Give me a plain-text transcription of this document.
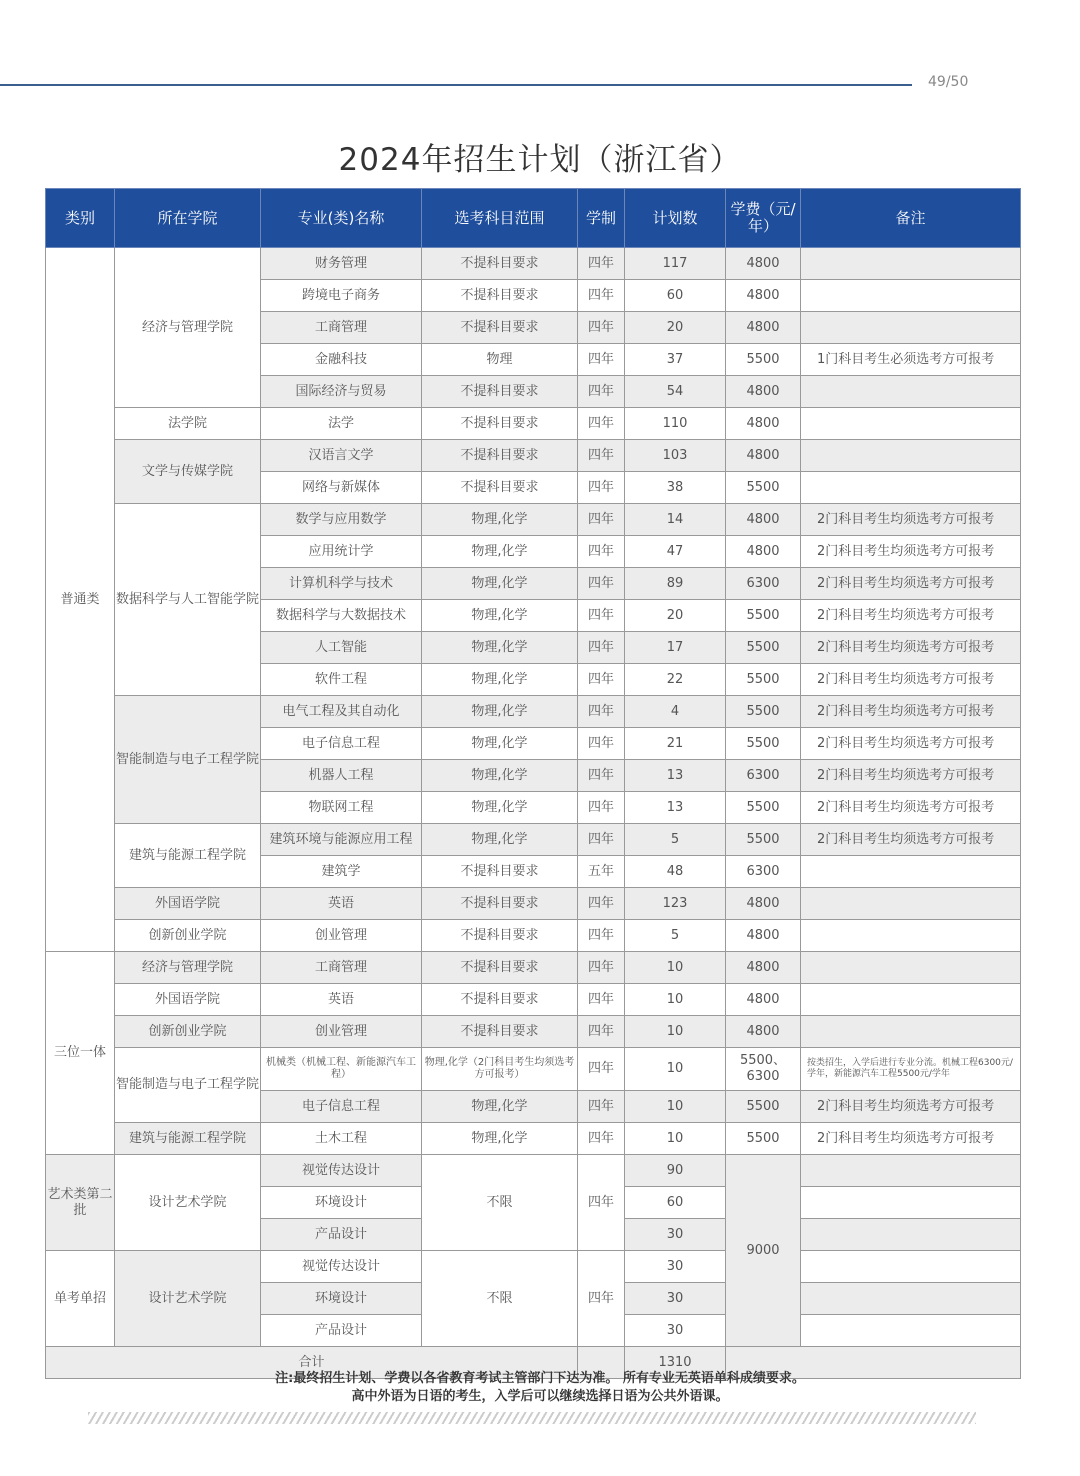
49/50
2024年招生计划（浙江省）
类别	所在学院	专业(类)名称	选考科目范围	学制	计划数	学费（元/年）	备注
普通类	经济与管理学院	财务管理	不提科目要求	四年	117	4800	
		跨境电子商务	不提科目要求	四年	60	4800	
		工商管理	不提科目要求	四年	20	4800	
		金融科技	物理	四年	37	5500	1门科目考生必须选考方可报考
		国际经济与贸易	不提科目要求	四年	54	4800	
	法学院	法学	不提科目要求	四年	110	4800	
	文学与传媒学院	汉语言文学	不提科目要求	四年	103	4800	
		网络与新媒体	不提科目要求	四年	38	5500	
	数据科学与人工智能学院	数学与应用数学	物理,化学	四年	14	4800	2门科目考生均须选考方可报考
		应用统计学	物理,化学	四年	47	4800	2门科目考生均须选考方可报考
		计算机科学与技术	物理,化学	四年	89	6300	2门科目考生均须选考方可报考
		数据科学与大数据技术	物理,化学	四年	20	5500	2门科目考生均须选考方可报考
		人工智能	物理,化学	四年	17	5500	2门科目考生均须选考方可报考
		软件工程	物理,化学	四年	22	5500	2门科目考生均须选考方可报考
	智能制造与电子工程学院	电气工程及其自动化	物理,化学	四年	4	5500	2门科目考生均须选考方可报考
		电子信息工程	物理,化学	四年	21	5500	2门科目考生均须选考方可报考
		机器人工程	物理,化学	四年	13	6300	2门科目考生均须选考方可报考
		物联网工程	物理,化学	四年	13	5500	2门科目考生均须选考方可报考
	建筑与能源工程学院	建筑环境与能源应用工程	物理,化学	四年	5	5500	2门科目考生均须选考方可报考
		建筑学	不提科目要求	五年	48	6300	
	外国语学院	英语	不提科目要求	四年	123	4800	
	创新创业学院	创业管理	不提科目要求	四年	5	4800	
三位一体	经济与管理学院	工商管理	不提科目要求	四年	10	4800	
	外国语学院	英语	不提科目要求	四年	10	4800	
	创新创业学院	创业管理	不提科目要求	四年	10	4800	
	智能制造与电子工程学院	机械类（机械工程、新能源汽车工程）	物理,化学（2门科目考生均须选考方可报考）	四年	10	5500、6300	按类招生，入学后进行专业分流。机械工程6300元/学年，新能源汽车工程5500元/学年
		电子信息工程	物理,化学	四年	10	5500	2门科目考生均须选考方可报考
	建筑与能源工程学院	土木工程	物理,化学	四年	10	5500	2门科目考生均须选考方可报考
艺术类第二批	设计艺术学院	视觉传达设计	不限	四年	90	9000	
		环境设计			60		
		产品设计			30		
单考单招	设计艺术学院	视觉传达设计	不限	四年	30		
		环境设计			30		
		产品设计			30		
合计					1310		
注:最终招生计划、学费以各省教育考试主管部门下达为准。 所有专业无英语单科成绩要求。
高中外语为日语的考生，入学后可以继续选择日语为公共外语课。
